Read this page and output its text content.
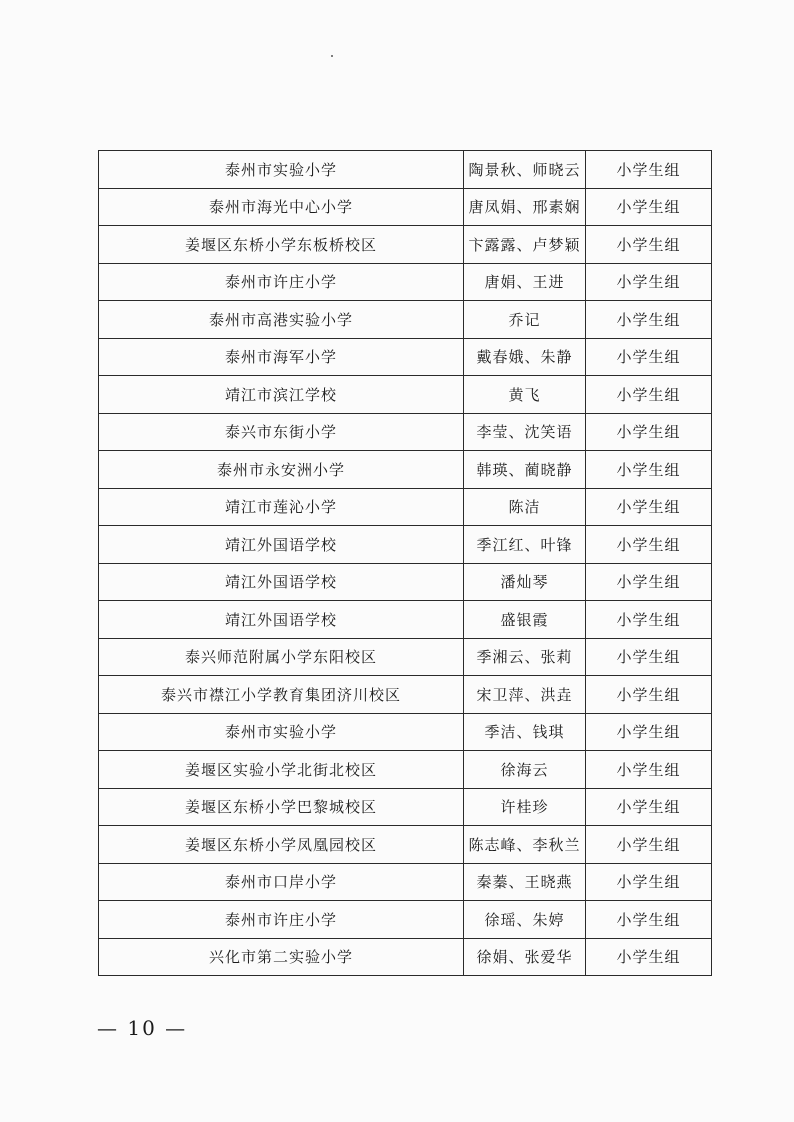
泰州市实验小学	陶景秋、师晓云	小学生组
泰州市海光中心小学	唐凤娟、邢素娴	小学生组
姜堰区东桥小学东板桥校区	卞露露、卢梦颖	小学生组
泰州市许庄小学	唐娟、王进	小学生组
泰州市高港实验小学	乔记	小学生组
泰州市海军小学	戴春娥、朱静	小学生组
靖江市滨江学校	黄飞	小学生组
泰兴市东街小学	李莹、沈笑语	小学生组
泰州市永安洲小学	韩瑛、蔺晓静	小学生组
靖江市莲沁小学	陈洁	小学生组
靖江外国语学校	季江红、叶锋	小学生组
靖江外国语学校	潘灿琴	小学生组
靖江外国语学校	盛银霞	小学生组
泰兴师范附属小学东阳校区	季湘云、张莉	小学生组
泰兴市襟江小学教育集团济川校区	宋卫萍、洪垚	小学生组
泰州市实验小学	季洁、钱琪	小学生组
姜堰区实验小学北街北校区	徐海云	小学生组
姜堰区东桥小学巴黎城校区	许桂珍	小学生组
姜堰区东桥小学凤凰园校区	陈志峰、李秋兰	小学生组
泰州市口岸小学	秦蓁、王晓燕	小学生组
泰州市许庄小学	徐瑶、朱婷	小学生组
兴化市第二实验小学	徐娟、张爱华	小学生组
— 10 —
